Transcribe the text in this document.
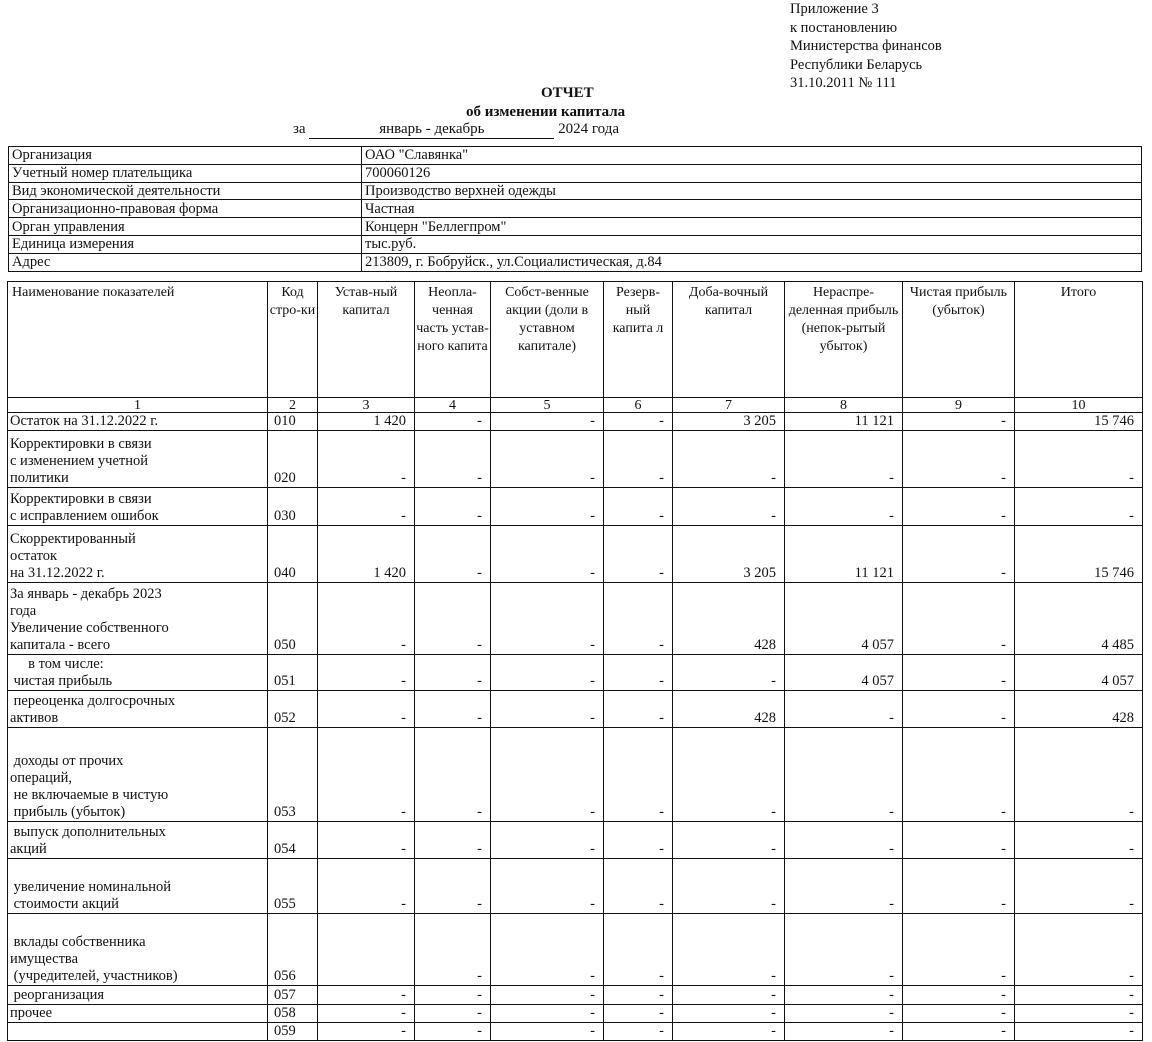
Приложение 3
к постановлению
Министерства финансов
Республики Беларусь
31.10.2011 № 111
ОТЧЕТ
об изменении капитала
за	январь - декабрь	2024 года
Организация	ОАО "Славянка"
Учетный номер плательщика	700060126
Вид экономической деятельности	Производство верхней одежды
Организационно-правовая форма	Частная
Орган управления	Концерн "Беллегпром"
Единица измерения	тыс.руб.
Адрес	213809, г. Бобруйск., ул.Социалистическая, д.84
Наименование показателей	Код стро-ки	Устав-ный капитал	Неопла-ченная часть устав-ного капита	Собст-венные акции (доли в уставном капитале)	Резерв-ный капита л	Доба-вочный капитал	Нераспре-деленная прибыль (непок-рытый убыток)	Чистая прибыль (убыток)	Итого
1	2	3	4	5	6	7	8	9	10

Остаток на 31.12.2022 г.	010	1 420	-	-	-	3 205	11 121	-	15 746

Корректировки в связи
с изменением учетной
политики	020	-	-	-	-	-	-	-	-

Корректировки в связи
с исправлением ошибок	030	-	-	-	-	-	-	-	-

Скорректированный
остаток
на 31.12.2022 г.	040	1 420	-	-	-	3 205	11 121	-	15 746

За январь - декабрь 2023
года
Увеличение собственного
капитала - всего	050	-	-	-	-	428	4 057	-	4 485

в том числе:
чистая прибыль	051	-	-	-	-	-	4 057	-	4 057

переоценка долгосрочных
активов	052	-	-	-	-	428	-	-	428

доходы от прочих
операций,
не включаемые в чистую
прибыль (убыток)	053	-	-	-	-	-	-	-	-

выпуск дополнительных
акций	054	-	-	-	-	-	-	-	-

увеличение номинальной
стоимости акций	055	-	-	-	-	-	-	-	-

вклады собственника
имущества
(учредителей, участников)	056		-	-	-	-	-	-	-

реорганизация	057	-	-	-	-	-	-	-	-

прочее	058	-	-	-	-	-	-	-	-

	059	-	-	-	-	-	-	-	-
